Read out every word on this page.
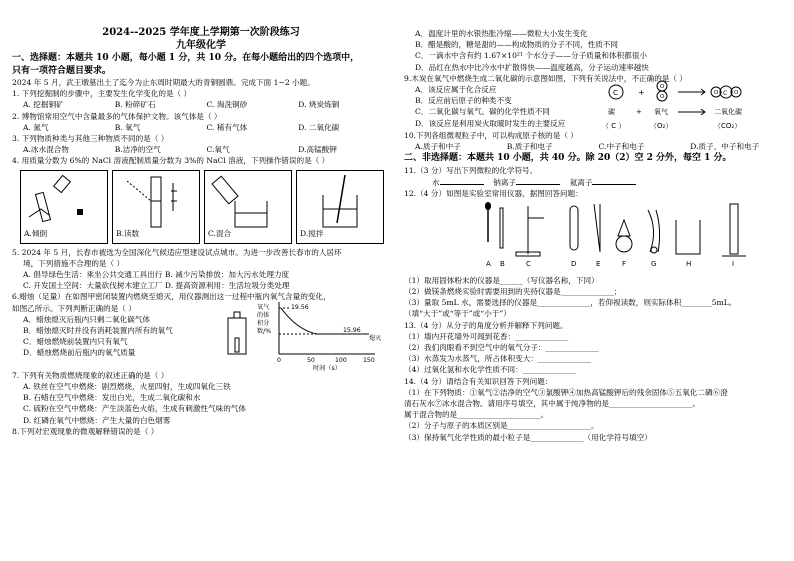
2024--2025 学年度上学期第一次阶段练习
九年级化学
一、选择题：本题共 10 小题，每小题 1 分，共 10 分。在每小题给出的四个选项中，
只有一项符合题目要求。
2024 年 5 月，武王墩墓出土了迄今为止东周时期最大的青铜圆鼎。完成下面 1~2 小题。
1. 下列挖掘制的步骤中，主要发生化学变化的是（ ）
A. 挖掘铜矿	B. 粉碎矿石	C. 淘洗铜砂	D. 烧炭炼铜
2. 博物馆常用空气中含量最多的气体保护文物。该气体是（ ）
A. 氮气	B. 氧气	C. 稀有气体	D. 二氧化碳
3. 下列物质种类与其他三种物质不同的是（ ）
A.冰水混合物	B.洁净的空气	C.氧气	D.高锰酸钾
4. 用质量分数为 6%的 NaCl 溶液配制质量分数为 3%的 NaCl 溶液，下列操作错误的是（ ）
A.倾倒	B.读数	C.混合	D.搅拌
5. 2024 年 5 月，长春市被选为全国深化气候适应型建设试点城市。为进一步改善长春市的人居环
境，下列措施不合理的是（ ）
A. 倡导绿色生活：乘坐公共交通工具出行 B. 减少污染排放：加大污水处理力度
C. 开发国土空间：大量砍伐树木建立工厂 D. 提高资源利用：生活垃圾分类处理
6.蜡烛（足量）在如图甲密闭装置内燃烧至熄灭，用仪器测出这一过程中瓶内氧气含量的变化，
如图乙所示。下列判断正确的是（ ）
A．蜡烛熄灭后瓶内只剩二氧化碳气体
B．蜡烛熄灭时并没有消耗装置内所有的氧气
C．蜡烛燃烧前装置内只有氧气
D．蜡烛燃烧前后瓶内的氧气质量
氧气
的体
积分
数/%
19.56
15.96
熄灭
0	50	100	150
时间（s）
7. 下列有关物质燃烧现象的叙述正确的是（ ）
A. 铁丝在空气中燃烧：剧烈燃烧，火星四射，生成四氧化三铁
B. 石蜡在空气中燃烧：发出白光，生成二氧化碳和水
C. 硫粉在空气中燃烧：产生淡蓝色火焰，生成有刺激性气味的气体
D. 红磷在氧气中燃烧：产生大量的白色烟雾
8.下列对宏观现象的微观解释错误的是（ ）
A．温度计里的水银热胀冷缩——微粒大小发生变化
B．醋是酸的，糖是甜的——构成物质的分子不同，性质不同
C．一滴水中含有约 1.67×10²¹ 个水分子——分子质量和体积都很小
D．品红在热水中比冷水中扩散得快——温度越高，分子运动速率越快
9.木炭在氧气中燃烧生成二氧化碳的示意图如图，下列有关说法中，不正确的是（ ）
A．该反应属于化合反应
B．反应前后原子的种类不变
C．二氧化碳与氧气、碳的化学性质不同
D．该反应是利用炭火取暖时发生的主要反应
C	+
O
O
O C O
碳	+ 氧气	二氧化碳
（ C ）	（O₂）	（CO₂）
10.下列各组微观粒子中，可以构成原子核的是（ ）
A.质子和中子	B.质子和电子	C.中子和电子	D.质子、中子和电子
二、非选择题：本题共 10 小题，共 40 分。除 20（2）空 2 分外，每空 1 分。
11.（3 分）写出下列微粒的化学符号。
水	钠离子	氦离子
12.（4 分）如图是实验室常用仪器，据图回答问题：
A B	C	D	E	F	G	H	I
（1）取用固体粉末的仪器是______（写仪器名称，下同）
（2）做镁条燃烧实验时需要用到的夹持仪器是______________；
（3）量取 5mL 水，需要选择的仪器是______________，若仰视读数，则实际体积________5mL。
（填“大于”或“等于”或“小于”）
13.（4 分）从分子的角度分析并解释下列问题。
（1）墙内开花墙外可闻到花香：______________
（2）我们肉眼看不到空气中的氧气分子：______________
（3）水蒸发为水蒸气，所占体积变大：______________
（4）过氧化氢和水化学性质不同：______________
14.（4 分）请结合有关知识回答下列问题：
（1）在下列物质：①氧气②洁净的空气③氯酸钾④加热高锰酸钾后的残余固体⑤五氧化二磷⑥澄
清石灰水⑦冰水混合物。请用序号填空，其中属于纯净物的是______________________。
属于混合物的是______________________。
（2）分子与原子的本质区别是______________________。
（3）保持氧气化学性质的最小粒子是______________（用化学符号填空）
